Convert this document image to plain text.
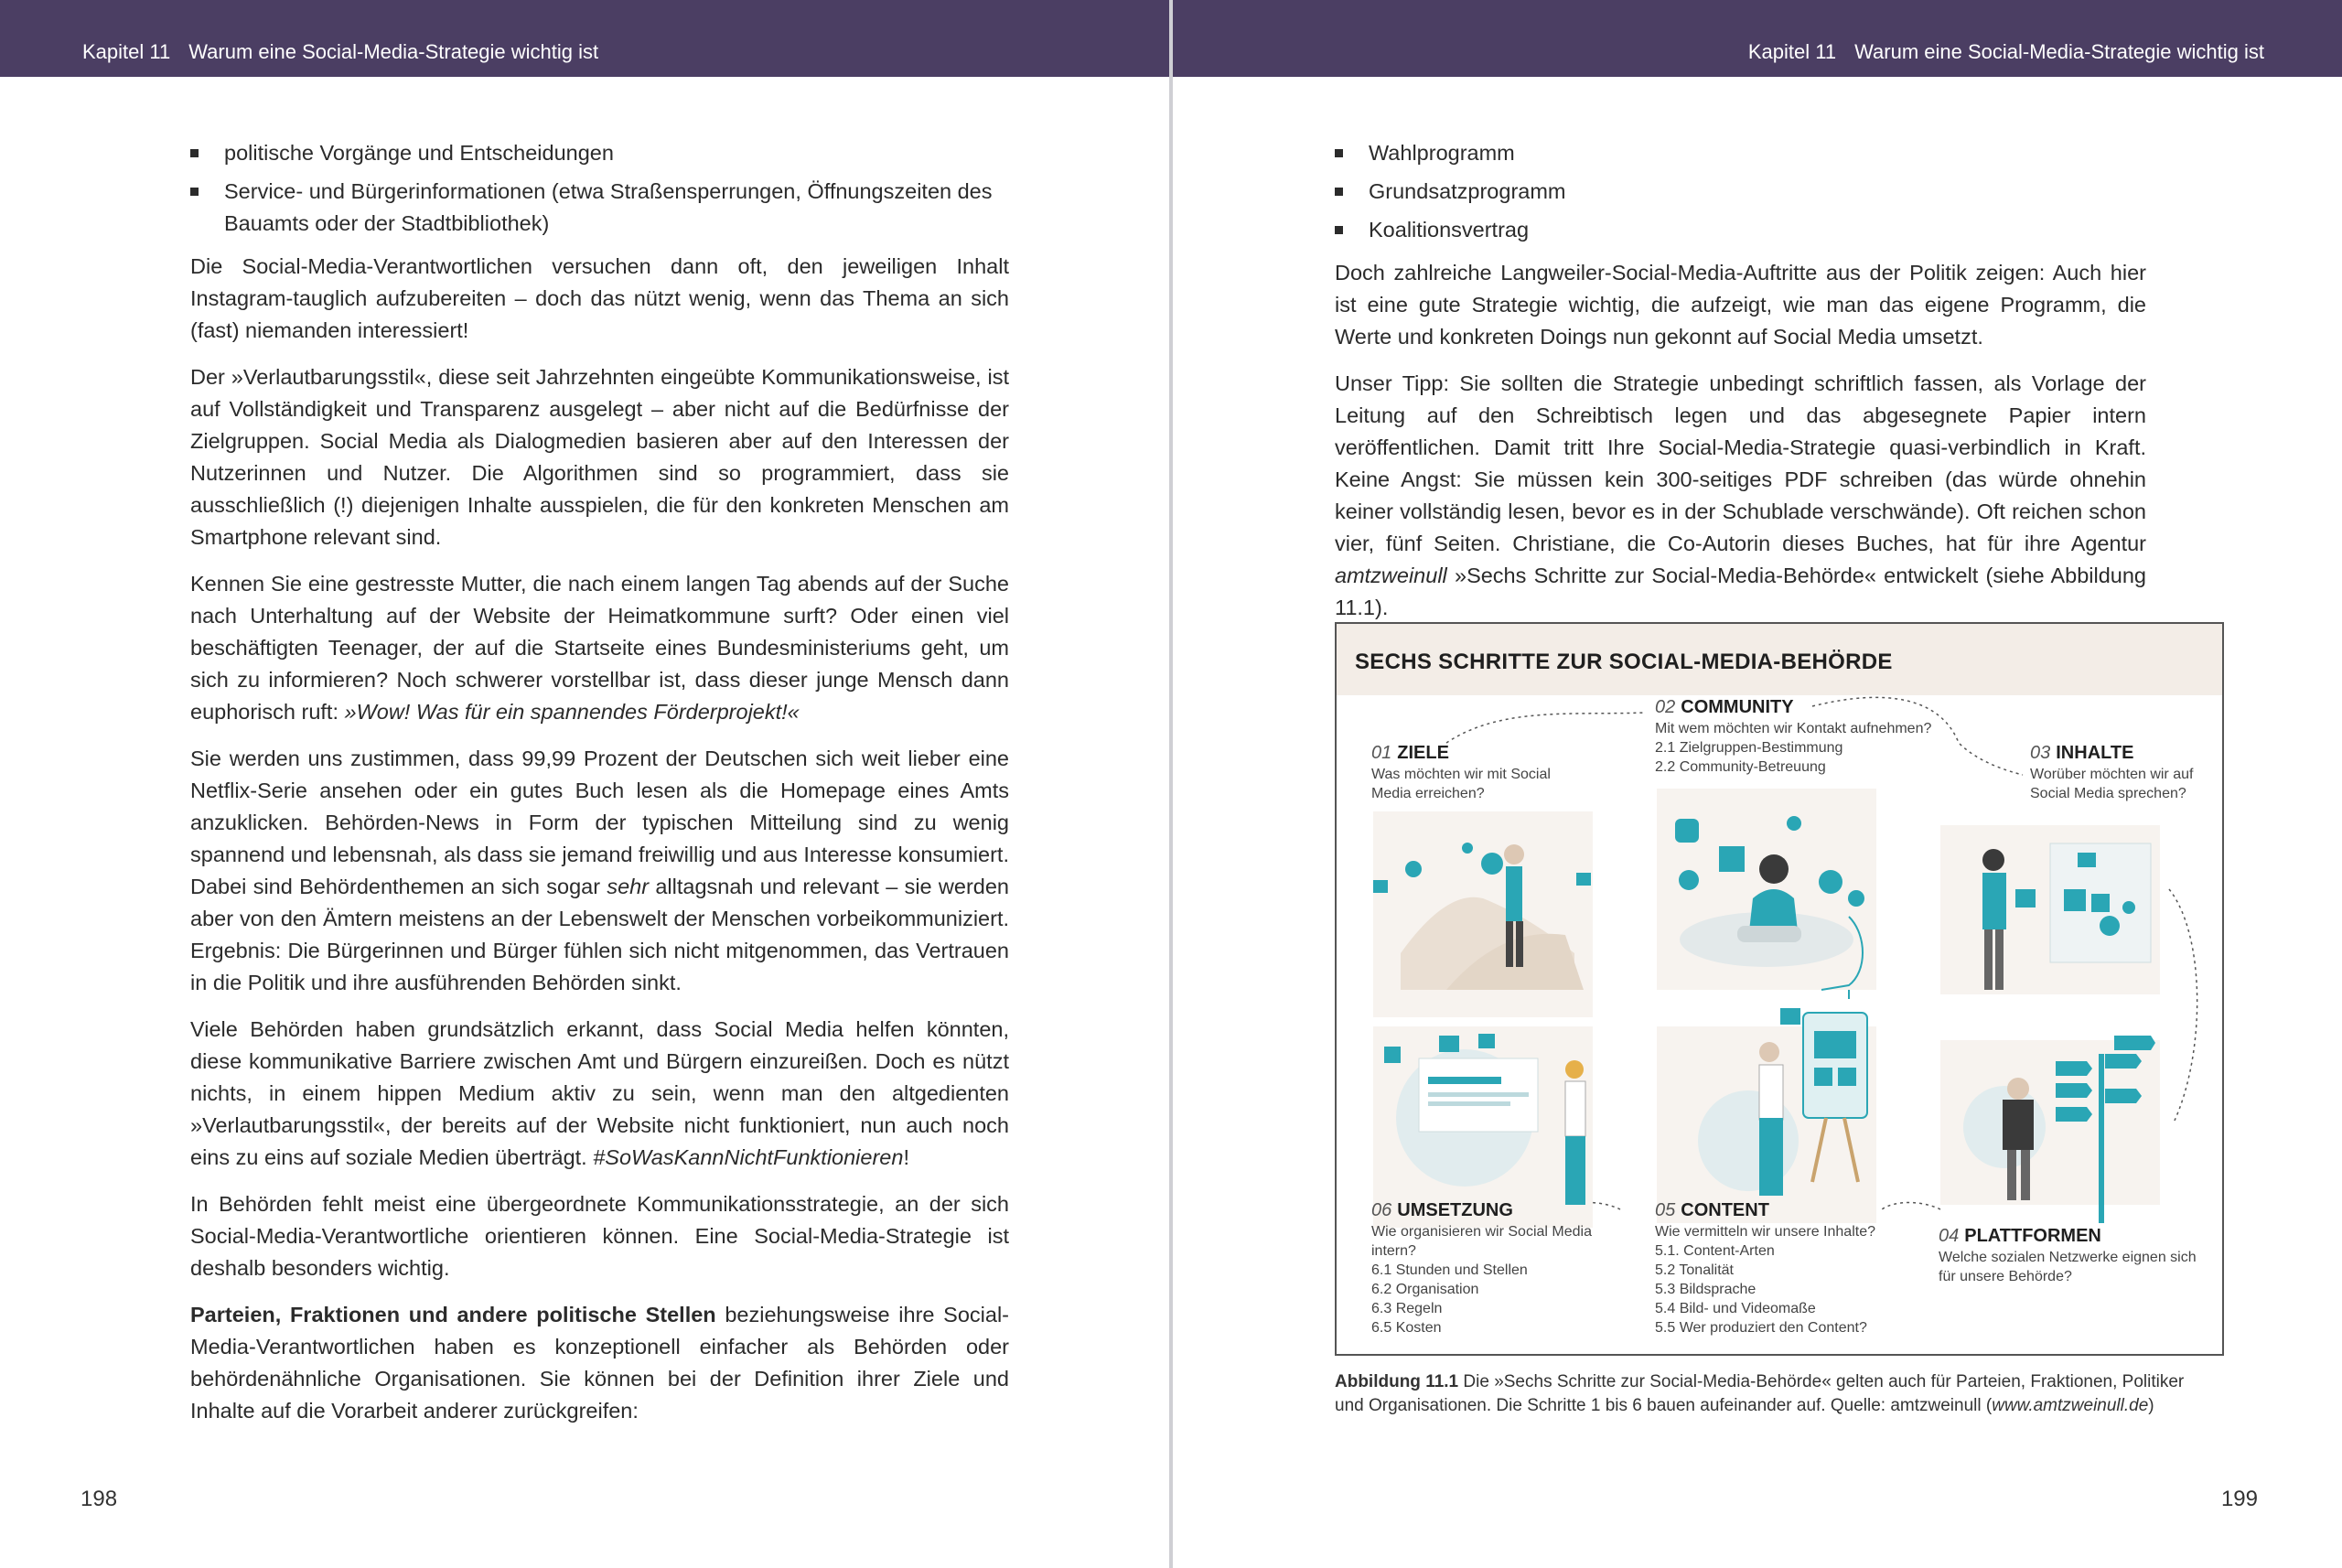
Kapitel 11 Warum eine Social-Media-Strategie wichtig ist
politische Vorgänge und Entscheidungen
Service- und Bürgerinformationen (etwa Straßensperrungen, Öffnungszeiten des Bauamts oder der Stadtbibliothek)

Die Social-Media-Verantwortlichen versuchen dann oft, den jeweiligen Inhalt Instagram-tauglich aufzubereiten – doch das nützt wenig, wenn das Thema an sich (fast) niemanden interessiert!

Der »Verlautbarungsstil«, diese seit Jahrzehnten eingeübte Kommunikationsweise, ist auf Vollständigkeit und Transparenz ausgelegt – aber nicht auf die Bedürfnisse der Zielgruppen. Social Media als Dialogmedien basieren aber auf den Interessen der Nutzerinnen und Nutzer. Die Algorithmen sind so programmiert, dass sie ausschließlich (!) diejenigen Inhalte ausspielen, die für den konkreten Menschen am Smartphone relevant sind.

Kennen Sie eine gestresste Mutter, die nach einem langen Tag abends auf der Suche nach Unterhaltung auf der Website der Heimatkommune surft? Oder einen viel beschäftigten Teenager, der auf die Startseite eines Bundesministeriums geht, um sich zu informieren? Noch schwerer vorstellbar ist, dass dieser junge Mensch dann euphorisch ruft: »Wow! Was für ein spannendes Förderprojekt!«

Sie werden uns zustimmen, dass 99,99 Prozent der Deutschen sich weit lieber eine Netflix-Serie ansehen oder ein gutes Buch lesen als die Homepage eines Amts anzuklicken. Behörden-News in Form der typischen Mitteilung sind zu wenig spannend und lebensnah, als dass sie jemand freiwillig und aus Interesse konsumiert. Dabei sind Behördenthemen an sich sogar sehr alltagsnah und relevant – sie werden aber von den Ämtern meistens an der Lebenswelt der Menschen vorbeikommuniziert. Ergebnis: Die Bürgerinnen und Bürger fühlen sich nicht mitgenommen, das Vertrauen in die Politik und ihre ausführenden Behörden sinkt.

Viele Behörden haben grundsätzlich erkannt, dass Social Media helfen könnten, diese kommunikative Barriere zwischen Amt und Bürgern einzureißen. Doch es nützt nichts, in einem hippen Medium aktiv zu sein, wenn man den altgedienten »Verlautbarungsstil«, der bereits auf der Website nicht funktioniert, nun auch noch eins zu eins auf soziale Medien überträgt. #SoWasKannNichtFunktionieren!

In Behörden fehlt meist eine übergeordnete Kommunikationsstrategie, an der sich Social-Media-Verantwortliche orientieren können. Eine Social-Media-Strategie ist deshalb besonders wichtig.

Parteien, Fraktionen und andere politische Stellen beziehungsweise ihre Social-Media-Verantwortlichen haben es konzeptionell einfacher als Behörden oder behördenähnliche Organisationen. Sie können bei der Definition ihrer Ziele und Inhalte auf die Vorarbeit anderer zurückgreifen:

198
Kapitel 11 Warum eine Social-Media-Strategie wichtig ist
Wahlprogramm
Grundsatzprogramm
Koalitionsvertrag

Doch zahlreiche Langweiler-Social-Media-Auftritte aus der Politik zeigen: Auch hier ist eine gute Strategie wichtig, die aufzeigt, wie man das eigene Programm, die Werte und konkreten Doings nun gekonnt auf Social Media umsetzt.

Unser Tipp: Sie sollten die Strategie unbedingt schriftlich fassen, als Vorlage der Leitung auf den Schreibtisch legen und das abgesegnete Papier intern veröffentlichen. Damit tritt Ihre Social-Media-Strategie quasi-verbindlich in Kraft. Keine Angst: Sie müssen kein 300-seitiges PDF schreiben (das würde ohnehin keiner vollständig lesen, bevor es in der Schublade verschwände). Oft reichen schon vier, fünf Seiten. Christiane, die Co-Autorin dieses Buches, hat für ihre Agentur amtzweinull »Sechs Schritte zur Social-Media-Behörde« entwickelt (siehe Abbildung 11.1).

SECHS SCHRITTE ZUR SOCIAL-MEDIA-BEHÖRDE
01 ZIELE
Was möchten wir mit Social Media erreichen?
02 COMMUNITY
Mit wem möchten wir Kontakt aufnehmen?
2.1 Zielgruppen-Bestimmung
2.2 Community-Betreuung
03 INHALTE
Worüber möchten wir auf Social Media sprechen?
06 UMSETZUNG
Wie organisieren wir Social Media intern?
6.1 Stunden und Stellen
6.2 Organisation
6.3 Regeln
6.5 Kosten
05 CONTENT
Wie vermitteln wir unsere Inhalte?
5.1. Content-Arten
5.2 Tonalität
5.3 Bildsprache
5.4 Bild- und Videomaße
5.5 Wer produziert den Content?
04 PLATTFORMEN
Welche sozialen Netzwerke eignen sich für unsere Behörde?
Abbildung 11.1 Die »Sechs Schritte zur Social-Media-Behörde« gelten auch für Parteien, Fraktionen, Politiker und Organisationen. Die Schritte 1 bis 6 bauen aufeinander auf. Quelle: amtzweinull (www.amtzweinull.de)
199
